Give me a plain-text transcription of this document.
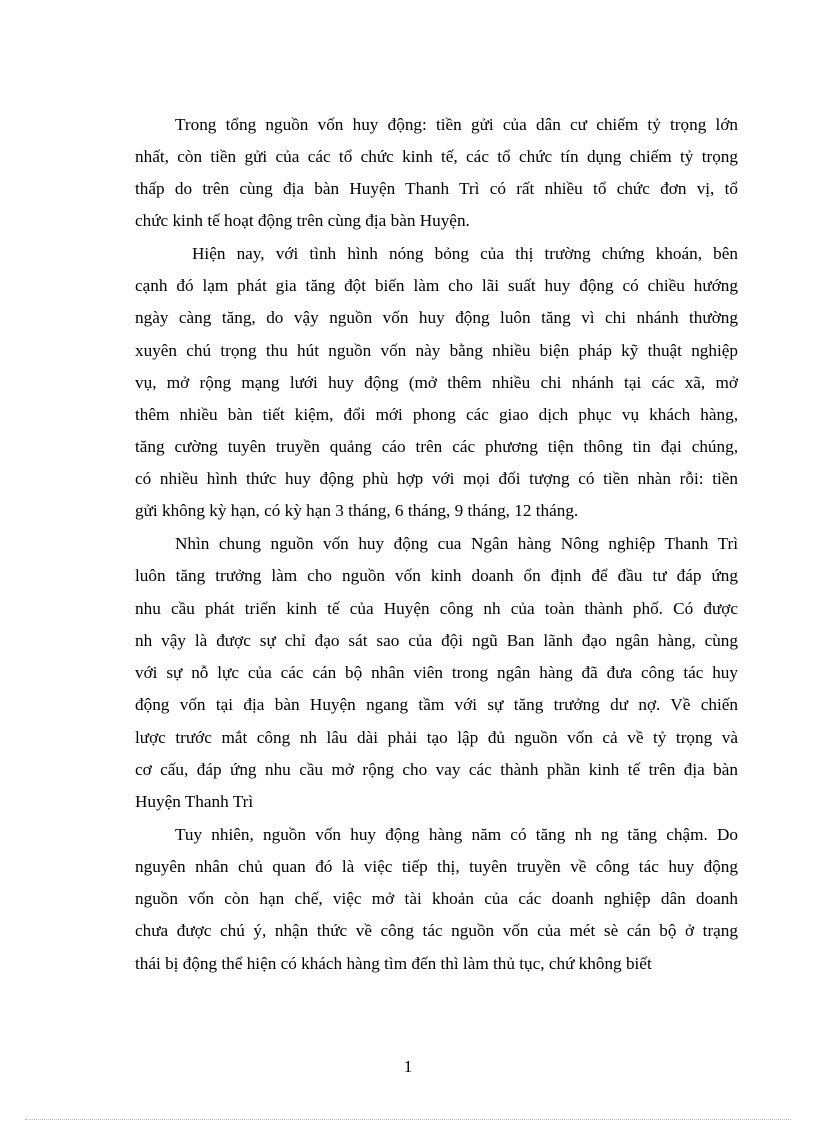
Trong tổng nguồn vốn huy động: tiền gửi của dân cư chiếm tỷ trọng lớn
nhất, còn tiền gửi của các tổ chức kinh tế, các tổ chức tín dụng chiếm tỷ trọng
thấp do trên cùng địa bàn Huyện Thanh Trì có rất nhiều tổ chức đơn vị, tổ
chức kinh tế hoạt động trên cùng địa bàn Huyện.
Hiện nay, với tình hình nóng bỏng của thị trường chứng khoán, bên
cạnh đó lạm phát gia tăng đột biến làm cho lãi suất huy động có chiều hướng
ngày càng tăng, do vậy nguồn vốn huy động luôn tăng vì chi nhánh thường
xuyên chú trọng thu hút nguồn vốn này bằng nhiều biện pháp kỹ thuật nghiệp
vụ, mở rộng mạng lưới huy động (mở thêm nhiều chi nhánh tại các xã, mở
thêm nhiều bàn tiết kiệm, đổi mới phong các giao dịch phục vụ khách hàng,
tăng cường tuyên truyền quảng cáo trên các phương tiện thông tin đại chúng,
có nhiều hình thức huy động phù hợp với mọi đối tượng có tiền nhàn rỗi: tiền
gửi không kỳ hạn, có kỳ hạn 3 tháng, 6 tháng, 9 tháng, 12 tháng.
Nhìn chung nguồn vốn huy động cua Ngân hàng Nông nghiệp Thanh Trì
luôn tăng trưởng làm cho nguồn vốn kinh doanh ổn định để đầu tư đáp ứng
nhu cầu phát triển kinh tế của Huyện công nh của toàn thành phố. Có được
nh vậy là được sự chỉ đạo sát sao của đội ngũ Ban lãnh đạo ngân hàng, cùng
với sự nỗ lực của các cán bộ nhân viên trong ngân hàng đã đưa công tác huy
động vốn tại địa bàn Huyện ngang tầm với sự tăng trưởng dư nợ. Về chiến
lược trước mắt công nh lâu dài phải tạo lập đủ nguồn vốn cả về tỷ trọng và
cơ cấu, đáp ứng nhu cầu mở rộng cho vay các thành phần kinh tế trên địa bàn
Huyện Thanh Trì
Tuy nhiên, nguồn vốn huy động hàng năm có tăng nh ng tăng chậm. Do
nguyên nhân chủ quan đó là việc tiếp thị, tuyên truyền về công tác huy động
nguồn vốn còn hạn chế, việc mở tài khoản của các doanh nghiệp dân doanh
chưa được chú ý, nhận thức về công tác nguồn vốn của mét sè cán bộ ở trạng
thái bị động thể hiện có khách hàng tìm đến thì làm thủ tục, chứ không biết
1
